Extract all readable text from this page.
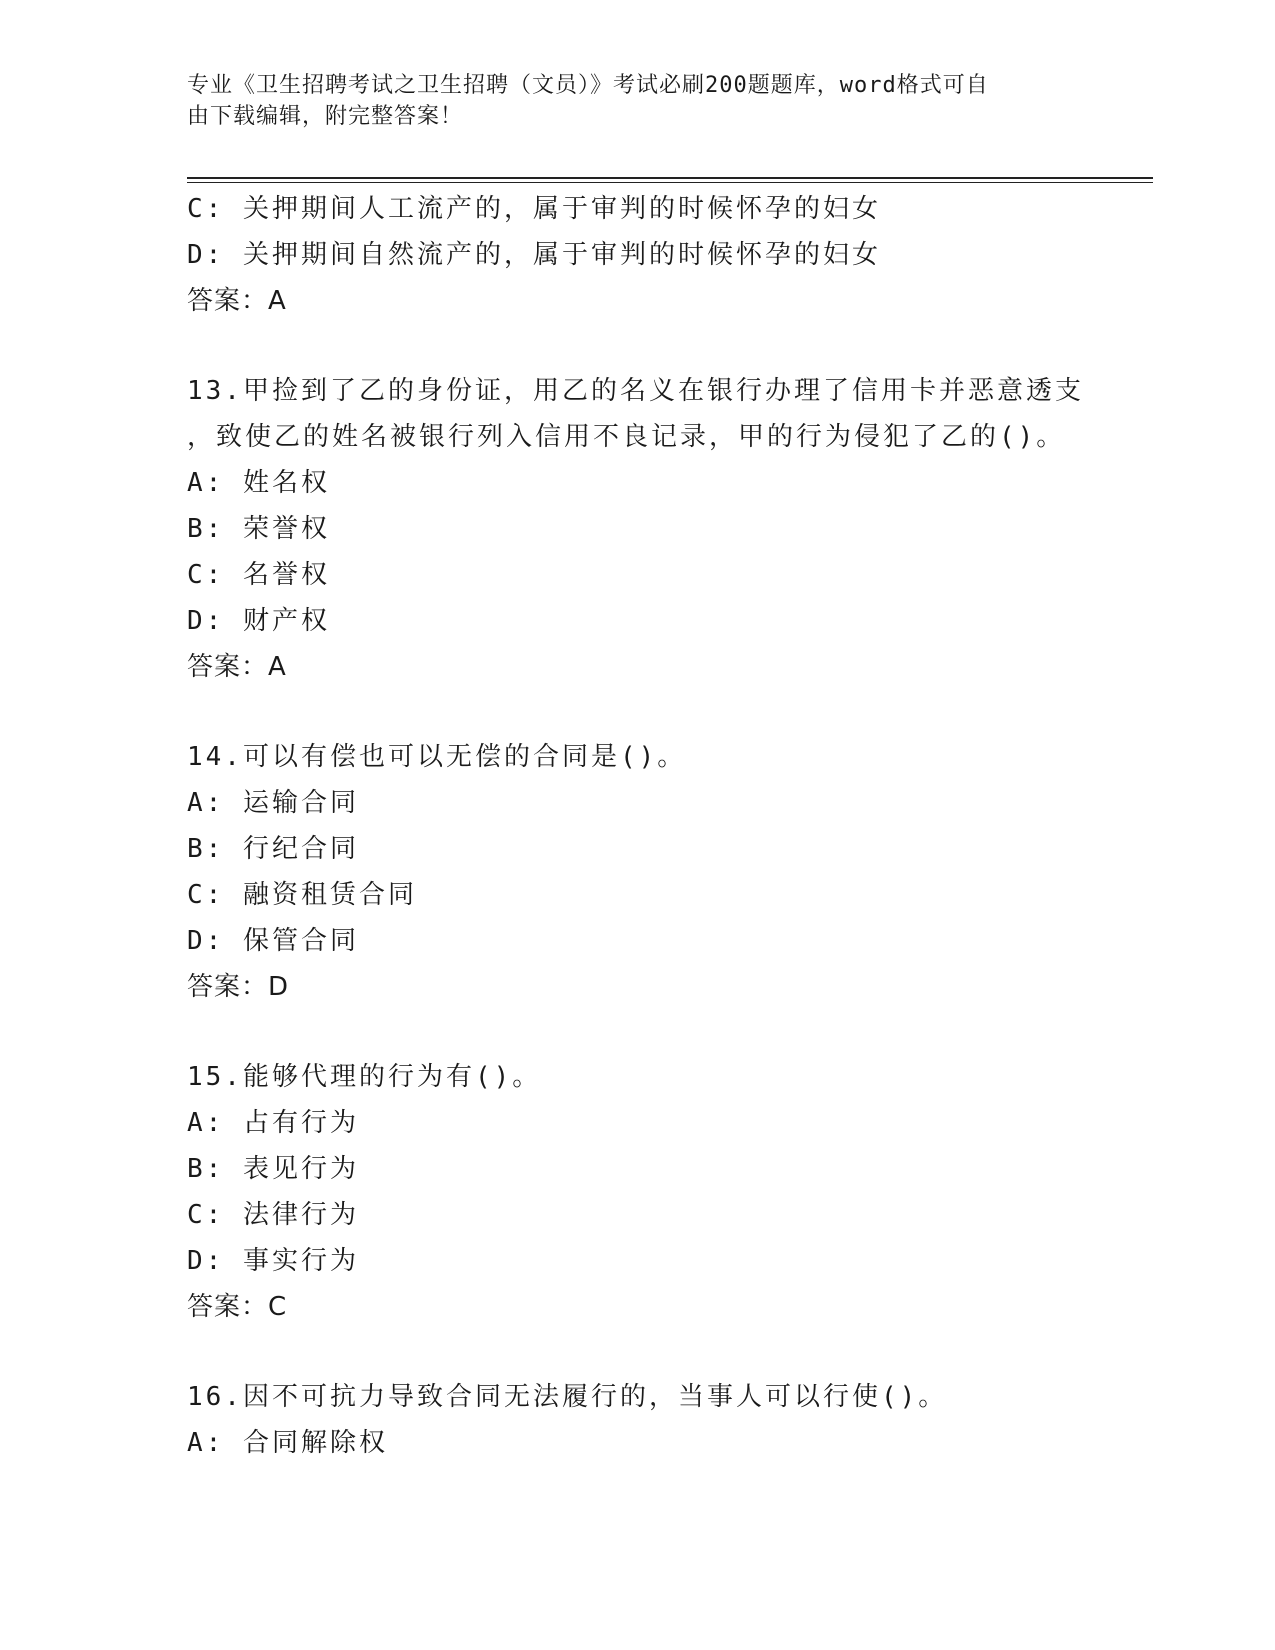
专业《卫生招聘考试之卫生招聘（文员）》考试必刷200题题库，word格式可自
由下载编辑，附完整答案！
C: 关押期间人工流产的，属于审判的时候怀孕的妇女
D: 关押期间自然流产的，属于审判的时候怀孕的妇女
答案：A
13.甲捡到了乙的身份证，用乙的名义在银行办理了信用卡并恶意透支
，致使乙的姓名被银行列入信用不良记录，甲的行为侵犯了乙的()。
A: 姓名权
B: 荣誉权
C: 名誉权
D: 财产权
答案：A
14.可以有偿也可以无偿的合同是()。
A: 运输合同
B: 行纪合同
C: 融资租赁合同
D: 保管合同
答案：D
15.能够代理的行为有()。
A: 占有行为
B: 表见行为
C: 法律行为
D: 事实行为
答案：C
16.因不可抗力导致合同无法履行的，当事人可以行使()。
A: 合同解除权
